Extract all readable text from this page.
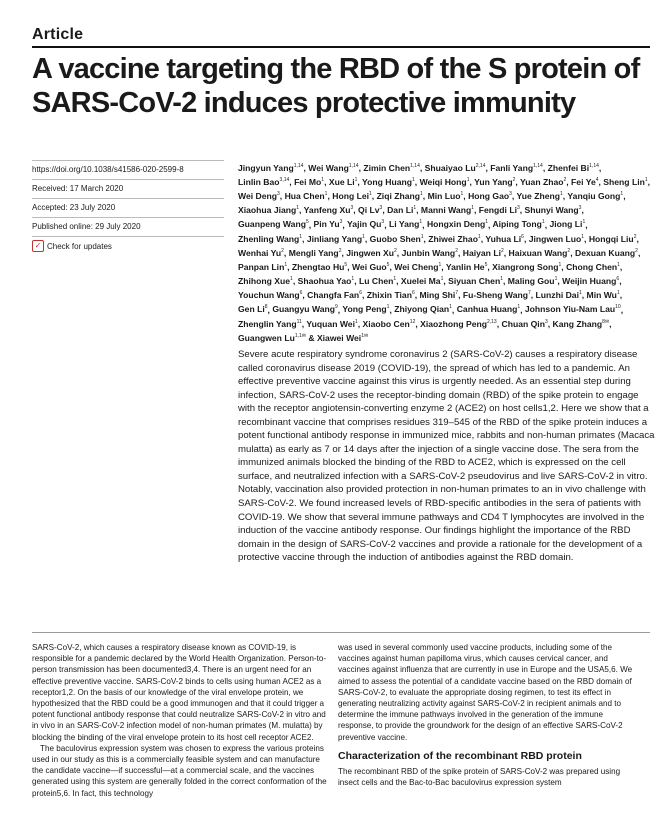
Article
A vaccine targeting the RBD of the S protein of SARS-CoV-2 induces protective immunity
https://doi.org/10.1038/s41586-020-2599-8
Received: 17 March 2020
Accepted: 23 July 2020
Published online: 29 July 2020
✓ Check for updates
Jingyun Yang$^{1,14}$, Wei Wang$^{1,14}$, Zimin Chen$^{1,14}$, Shuaiyao Lu$^{2,14}$, Fanli Yang$^{1,14}$, Zhenfei Bi$^{1,14}$, Linlin Bao$^{3,14}$, Fei Mo$^1$, Xue Li$^1$, Yong Huang$^1$, Weiqi Hong$^1$, Yun Yang$^2$, Yuan Zhao$^2$, Fei Ye$^4$, Sheng Lin$^1$, Wei Deng$^3$, Hua Chen$^1$, Hong Lei$^1$, Ziqi Zhang$^1$, Min Luo$^1$, Hong Gao$^3$, Yue Zheng$^1$, Yanqiu Gong$^1$, Xiaohua Jiang$^1$, Yanfeng Xu$^3$, Qi Lv$^3$, Dan Li$^1$, Manni Wang$^1$, Fengdi Li$^3$, Shunyi Wang$^3$, Guanpeng Wang$^5$, Pin Yu$^3$, Yajin Qu$^3$, Li Yang$^1$, Hongxin Deng$^1$, Aiping Tong$^1$, Jiong Li$^1$, Zhenling Wang$^1$, Jinliang Yang$^1$, Guobo Shen$^1$, Zhiwei Zhao$^1$, Yuhua Li$^6$, Jingwen Luo$^1$, Hongqi Liu$^2$, Wenhai Yu$^2$, Mengli Yang$^2$, Jingwen Xu$^2$, Junbin Wang$^2$, Haiyan Li$^2$, Haixuan Wang$^2$, Dexuan Kuang$^2$, Panpan Lin$^1$, Zhengtao Hu$^5$, Wei Guo$^5$, Wei Cheng$^1$, Yanlin He$^5$, Xiangrong Song$^1$, Chong Chen$^1$, Zhihong Xue$^1$, Shaohua Yao$^1$, Lu Chen$^1$, Xuelei Ma$^1$, Siyuan Chen$^1$, Maling Gou$^1$, Weijin Huang$^6$, Youchun Wang$^6$, Changfa Fan$^6$, Zhixin Tian$^6$, Ming Shi$^7$, Fu-Sheng Wang$^7$, Lunzhi Dai$^1$, Min Wu$^1$, Gen Li$^8$, Guangyu Wang$^9$, Yong Peng$^1$, Zhiyong Qian$^1$, Canhua Huang$^1$, Johnson Yiu-Nam Lau$^{10}$, Zhenglin Yang$^{11}$, Yuquan Wei$^1$, Xiaobo Cen$^{12}$, Xiaozhong Peng$^{2,13}$, Chuan Qin$^3$, Kang Zhang$^{8✉}$, Guangwen $Lu^{1,1✉}$ & Xiawei Wei$^{1✉}$

Severe acute respiratory syndrome coronavirus 2 (SARS-CoV-2) causes a respiratory disease called coronavirus disease 2019 (COVID-19), the spread of which has led to a pandemic. An effective preventive vaccine against this virus is urgently needed. As an essential step during infection, SARS-CoV-2 uses the receptor-binding domain (RBD) of the spike protein to engage with the receptor angiotensin-converting enzyme 2 (ACE2) on host cells1,2. Here we show that a recombinant vaccine that comprises residues 319–545 of the RBD of the spike protein induces a potent functional antibody response in immunized mice, rabbits and non-human primates (Macaca mulatta) as early as 7 or 14 days after the injection of a single vaccine dose. The sera from the immunized animals blocked the binding of the RBD to ACE2, which is expressed on the cell surface, and neutralized infection with a SARS-CoV-2 pseudovirus and live SARS-CoV-2 in vitro. Notably, vaccination also provided protection in non-human primates to an in vivo challenge with SARS-CoV-2. We found increased levels of RBD-specific antibodies in the sera of patients with COVID-19. We show that several immune pathways and CD4 T lymphocytes are involved in the induction of the vaccine antibody response. Our findings highlight the importance of the RBD domain in the design of SARS-CoV-2 vaccines and provide a rationale for the development of a protective vaccine through the induction of antibodies against the RBD domain.

SARS-CoV-2, which causes a respiratory disease known as COVID-19, is responsible for a pandemic declared by the World Health Organization. Person-to-person transmission has been documented3,4. There is an urgent need for an effective preventive vaccine. SARS-CoV-2 binds to cells using human ACE2 as a receptor1,2. On the basis of our knowledge of the viral envelope protein, we hypothesized that the RBD could be a good immunogen and that it could trigger a potent functional antibody response that could neutralize SARS-CoV-2 in vitro and in vivo in an SARS-CoV-2 infection model of non-human primates (M. mulatta) by blocking the binding of the viral envelope protein to its host cell receptor ACE2.

The baculovirus expression system was chosen to express the various proteins used in our study as this is a commercially feasible system and can manufacture the candidate vaccine—if successful—at a commercial scale, and the vaccines generated using this system are generally folded in the correct conformation of the protein5,6. In fact, this technology

was used in several commonly used vaccine products, including some of the vaccines against human papilloma virus, which causes cervical cancer, and vaccines against influenza that are currently in use in Europe and the USA5,6. We aimed to assess the potential of a candidate vaccine based on the RBD domain of SARS-CoV-2, to evaluate the appropriate dosing regimen, to test its effect in generating neutralizing activity against SARS-CoV-2 in recipient animals and to determine the immune pathways involved in the generation of the immune response, to provide the groundwork for the design of an effective SARS-CoV-2 preventive vaccine.

Characterization of the recombinant RBD protein

The recombinant RBD of the spike protein of SARS-CoV-2 was prepared using insect cells and the Bac-to-Bac baculovirus expression system
